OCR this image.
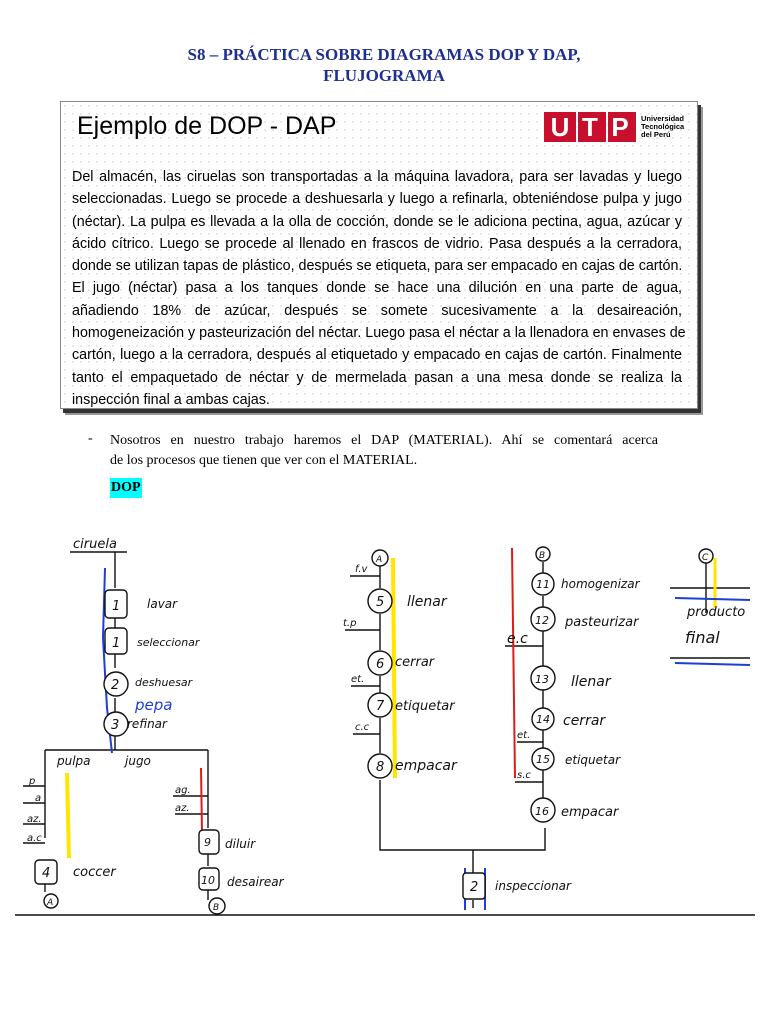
S8 – PRÁCTICA SOBRE DIAGRAMAS DOP Y DAP,
FLUJOGRAMA
Ejemplo de DOP - DAP	U T P	Universidad
Tecnológica
del Perú
Del almacén, las ciruelas son transportadas a la máquina lavadora, para ser lavadas y luego
seleccionadas. Luego se procede a deshuesarla y luego a refinarla, obteniéndose pulpa y jugo
(néctar). La pulpa es llevada a la olla de cocción, donde se le adiciona pectina, agua, azúcar y
ácido cítrico. Luego se procede al llenado en frascos de vidrio. Pasa después a la cerradora,
donde se utilizan tapas de plástico, después se etiqueta, para ser empacado en cajas de cartón.
El jugo (néctar) pasa a los tanques donde se hace una dilución en una parte de agua,
añadiendo 18% de azúcar, después se somete sucesivamente a la desaireación,
homogeneización y pasteurización del néctar. Luego pasa el néctar a la llenadora en envases de
cartón, luego a la cerradora, después al etiquetado y empacado en cajas de cartón. Finalmente
tanto el empaquetado de néctar y de mermelada pasan a una mesa donde se realiza la
inspección final a ambas cajas.
- Nosotros en nuestro trabajo haremos el DAP (MATERIAL). Ahí se comentará acerca
de los procesos que tienen que ver con el MATERIAL.
DOP
ciruela
1 lavar
1 seleccionar
2 deshuesar
pepa
3 refinar
pulpa	jugo
p
a
az.
a.c
4 coccer
A
ag.
az.
9 diluir
10 desairear
B
A
f.v
t.p
et.
c.c
5 llenar
6 cerrar
7 etiquetar
8 empacar
B
11 homogenizar
12 pasteurizar
e.c
13 llenar
14 cerrar
et.
15 etiquetar
s.c
16 empacar
2 inspeccionar
C
producto
final
